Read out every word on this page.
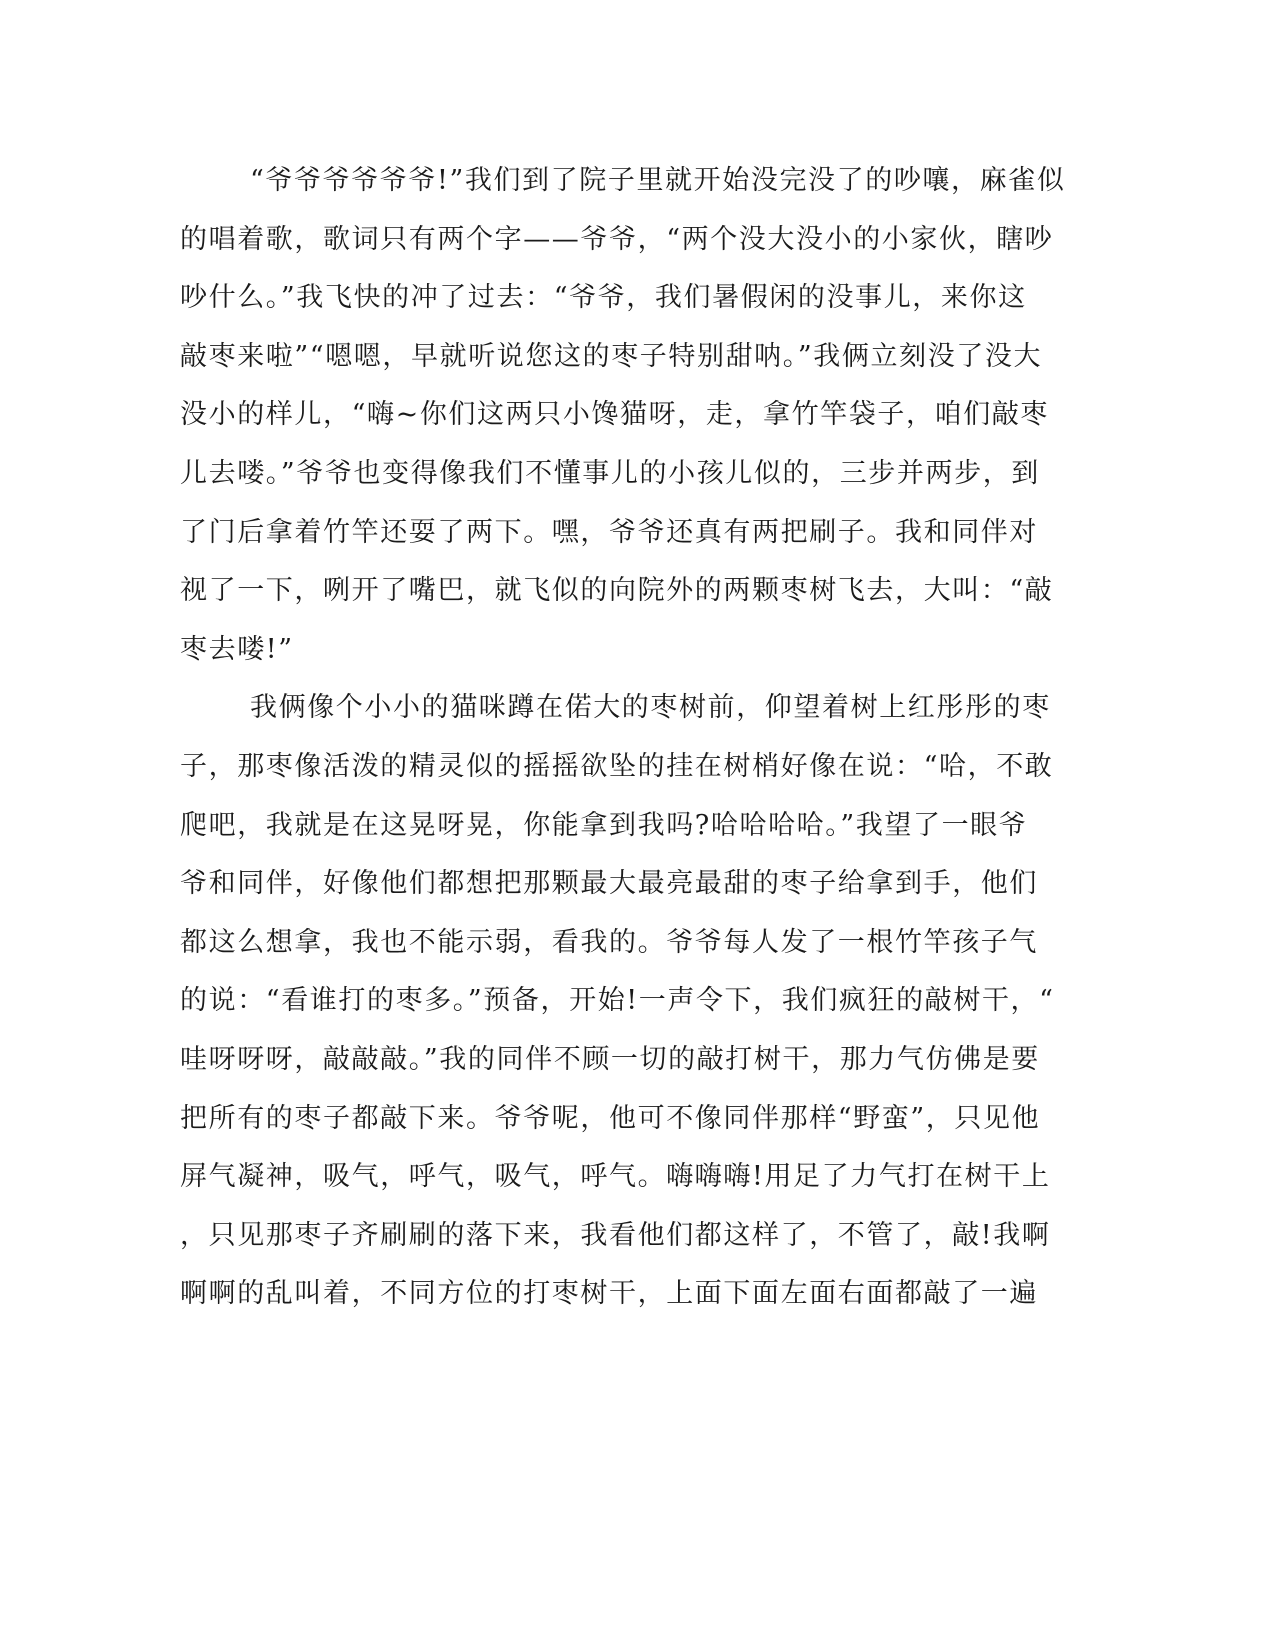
“爷爷爷爷爷爷!”我们到了院子里就开始没完没了的吵嚷，麻雀似
的唱着歌，歌词只有两个字——爷爷，“两个没大没小的小家伙，瞎吵
吵什么。”我飞快的冲了过去：“爷爷，我们暑假闲的没事儿，来你这
敲枣来啦”“嗯嗯，早就听说您这的枣子特别甜呐。”我俩立刻没了没大
没小的样儿，“嗨~你们这两只小馋猫呀，走，拿竹竿袋子，咱们敲枣
儿去喽。”爷爷也变得像我们不懂事儿的小孩儿似的，三步并两步，到
了门后拿着竹竿还耍了两下。嘿，爷爷还真有两把刷子。我和同伴对
视了一下，咧开了嘴巴，就飞似的向院外的两颗枣树飞去，大叫：“敲
枣去喽!”
我俩像个小小的猫咪蹲在偌大的枣树前，仰望着树上红彤彤的枣
子，那枣像活泼的精灵似的摇摇欲坠的挂在树梢好像在说：“哈，不敢
爬吧，我就是在这晃呀晃，你能拿到我吗?哈哈哈哈。”我望了一眼爷
爷和同伴，好像他们都想把那颗最大最亮最甜的枣子给拿到手，他们
都这么想拿，我也不能示弱，看我的。爷爷每人发了一根竹竿孩子气
的说：“看谁打的枣多。”预备，开始!一声令下，我们疯狂的敲树干，“
哇呀呀呀，敲敲敲。”我的同伴不顾一切的敲打树干，那力气仿佛是要
把所有的枣子都敲下来。爷爷呢，他可不像同伴那样“野蛮”，只见他
屏气凝神，吸气，呼气，吸气，呼气。嗨嗨嗨!用足了力气打在树干上
，只见那枣子齐刷刷的落下来，我看他们都这样了，不管了，敲!我啊
啊啊的乱叫着，不同方位的打枣树干，上面下面左面右面都敲了一遍
